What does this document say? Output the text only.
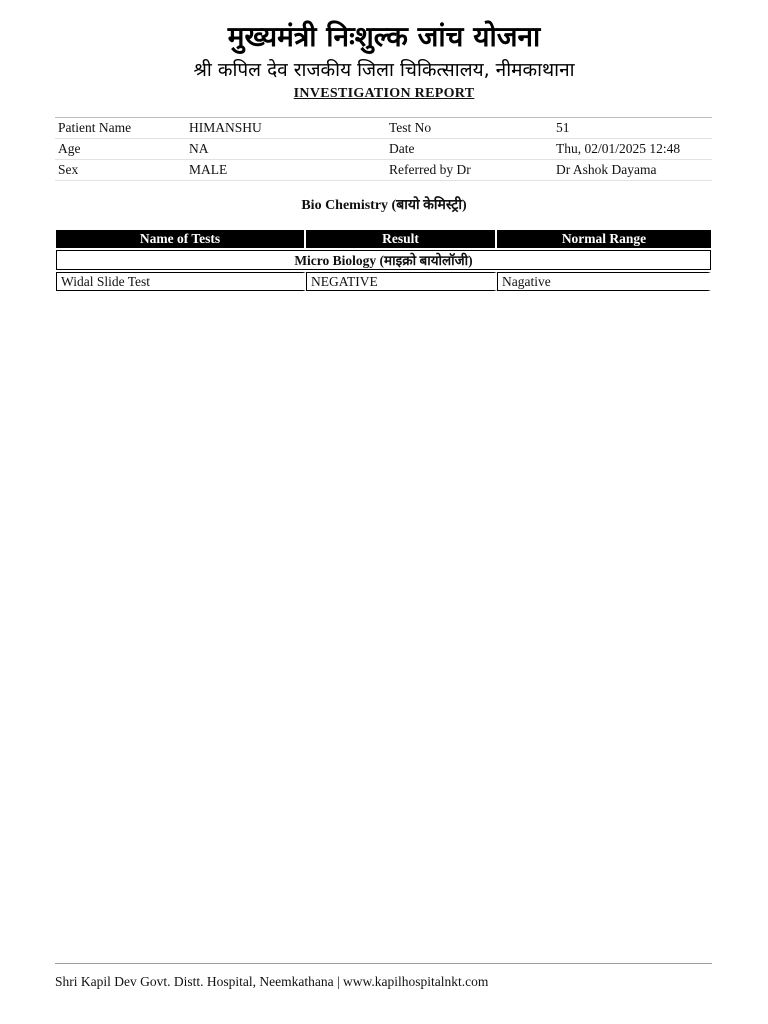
मुख्यमंत्री निःशुल्क जांच योजना
श्री कपिल देव राजकीय जिला चिकित्सालय, नीमकाथाना
INVESTIGATION REPORT
Patient Name	HIMANSHU	Test No	51
Age	NA	Date	Thu, 02/01/2025 12:48
Sex	MALE	Referred by Dr	Dr Ashok Dayama
Bio Chemistry (बायो केमिस्ट्री)
Name of Tests	Result	Normal Range
Micro Biology (माइक्रो बायोलॉजी)		
Widal Slide Test	NEGATIVE	Nagative
Shri Kapil Dev Govt. Distt. Hospital, Neemkathana | www.kapilhospitalnkt.com
